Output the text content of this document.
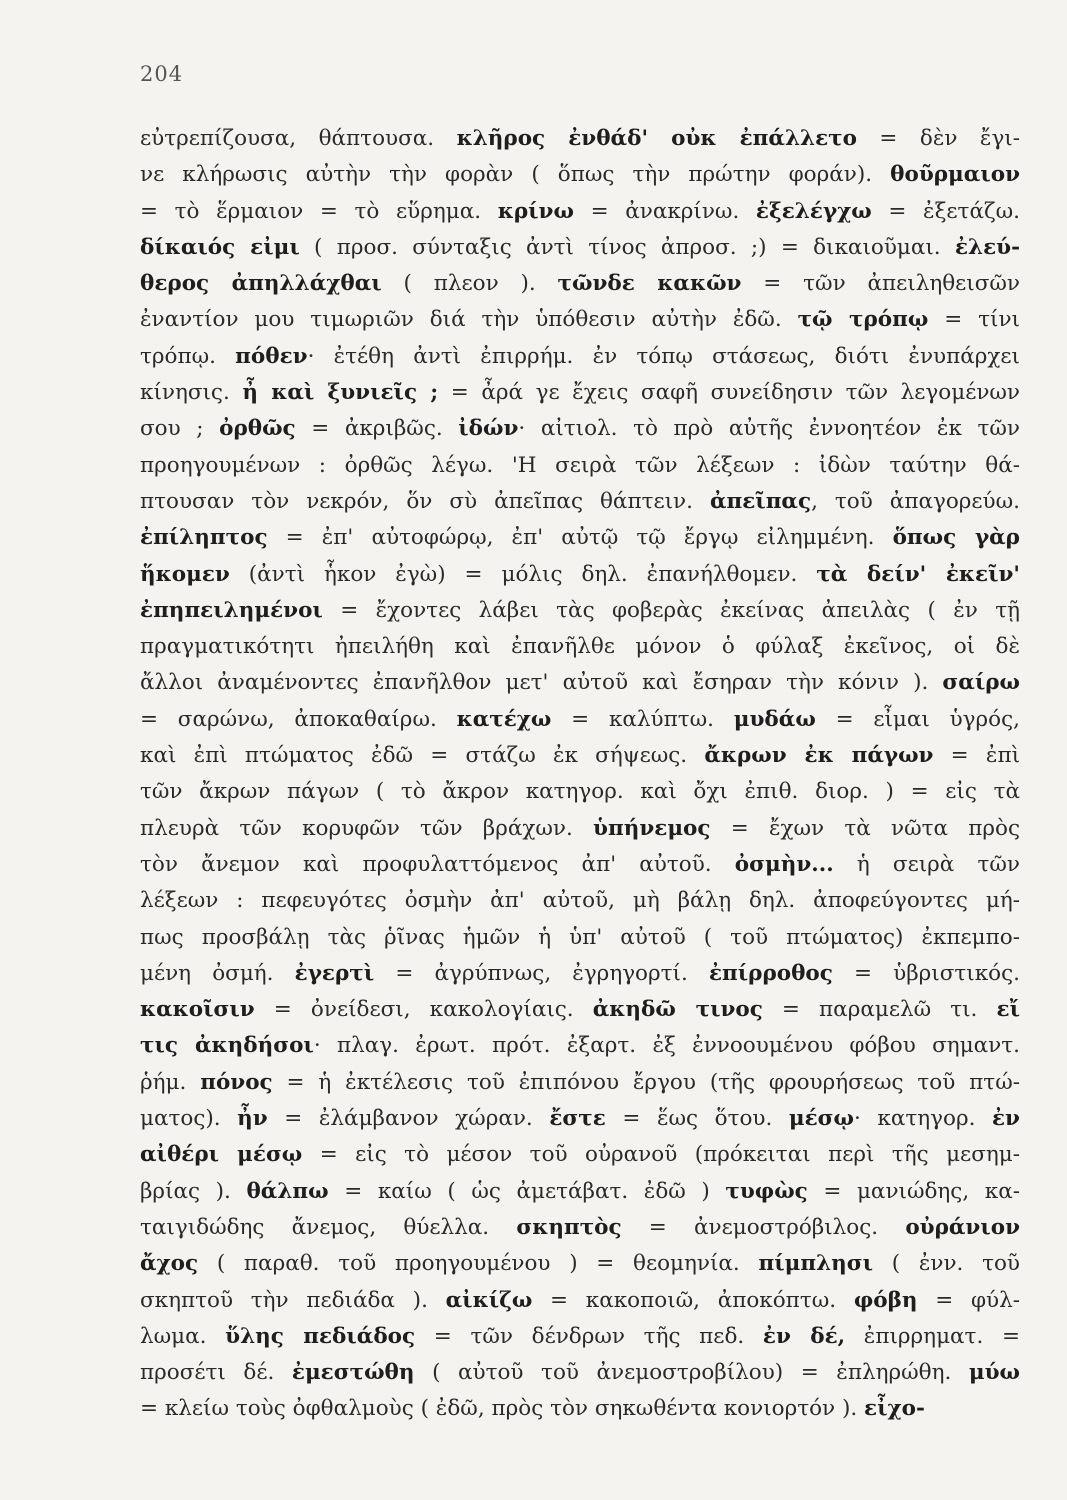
204
εὐτρεπίζουσα, θάπτουσα. κλῆρος ἐνθάδ' οὐκ ἐπάλλετο = δὲν ἔγι-
νε κλήρωσις αὐτὴν τὴν φορὰν ( ὅπως τὴν πρώτην φοράν). θοῦρμαιον
= τὸ ἕρμαιον = τὸ εὕρημα. κρίνω = ἀνακρίνω. ἐξελέγχω = ἐξετάζω.
δίκαιός εἰμι ( προσ. σύνταξις ἀντὶ τίνος ἀπροσ. ;) = δικαιοῦμαι. ἐλεύ-
θερος ἀπηλλάχθαι ( πλεον ). τῶνδε κακῶν = τῶν ἀπειληθεισῶν
ἐναντίον μου τιμωριῶν διά τὴν ὑπόθεσιν αὐτὴν ἐδῶ. τῷ τρόπῳ = τίνι
τρόπῳ. πόθεν· ἐτέθη ἀντὶ ἐπιρρήμ. ἐν τόπῳ στάσεως, διότι ἐνυπάρχει
κίνησις. ἦ καὶ ξυνιεῖς ; = ἆρά γε ἔχεις σαφῆ συνείδησιν τῶν λεγομένων
σου ; ὀρθῶς = ἀκριβῶς. ἰδών· αἰτιολ. τὸ πρὸ αὐτῆς ἐννοητέον ἐκ τῶν
προηγουμένων : ὀρθῶς λέγω. 'Η σειρὰ τῶν λέξεων : ἰδὼν ταύτην θά-
πτουσαν τὸν νεκρόν, ὅν σὺ ἀπεῖπας θάπτειν. ἀπεῖπας, τοῦ ἀπαγορεύω.
ἐπίληπτος = ἐπ' αὐτοφώρῳ, ἐπ' αὐτῷ τῷ ἔργῳ εἰλημμένη. ὅπως γὰρ
ἥκομεν (ἀντὶ ἧκον ἐγὼ) = μόλις δηλ. ἐπανήλθομεν. τὰ δείν' ἐκεῖν'
ἐπηπειλημένοι = ἔχοντες λάβει τὰς φοβερὰς ἐκείνας ἀπειλὰς ( ἐν τῇ
πραγματικότητι ἠπειλήθη καὶ ἐπανῆλθε μόνον ὁ φύλαξ ἐκεῖνος, οἱ δὲ
ἄλλοι ἀναμένοντες ἐπανῆλθον μετ' αὐτοῦ καὶ ἔσηραν τὴν κόνιν ). σαίρω
= σαρώνω, ἀποκαθαίρω. κατέχω = καλύπτω. μυδάω = εἶμαι ὑγρός,
καὶ ἐπὶ πτώματος ἐδῶ = στάζω ἐκ σήψεως. ἄκρων ἐκ πάγων = ἐπὶ
τῶν ἄκρων πάγων ( τὸ ἄκρον κατηγορ. καὶ ὄχι ἐπιθ. διορ. ) = εἰς τὰ
πλευρὰ τῶν κορυφῶν τῶν βράχων. ὑπήνεμος = ἔχων τὰ νῶτα πρὸς
τὸν ἄνεμον καὶ προφυλαττόμενος ἀπ' αὐτοῦ. ὀσμὴν... ἡ σειρὰ τῶν
λέξεων : πεφευγότες ὀσμὴν ἀπ' αὐτοῦ, μὴ βάλῃ δηλ. ἀποφεύγοντες μή-
πως προσβάλῃ τὰς ῥῖνας ἡμῶν ἡ ὑπ' αὐτοῦ ( τοῦ πτώματος) ἐκπεμπο-
μένη ὀσμή. ἐγερτὶ = ἀγρύπνως, ἐγρηγορτί. ἐπίρροθος = ὑβριστικός.
κακοῖσιν = ὀνείδεσι, κακολογίαις. ἀκηδῶ τινος = παραμελῶ τι. εἴ
τις ἀκηδήσοι· πλαγ. ἐρωτ. πρότ. ἐξαρτ. ἐξ ἐννοουμένου φόβου σημαντ.
ῥήμ. πόνος = ἡ ἐκτέλεσις τοῦ ἐπιπόνου ἔργου (τῆς φρουρήσεως τοῦ πτώ-
ματος). ἦν = ἐλάμβανον χώραν. ἔστε = ἕως ὅτου. μέσῳ· κατηγορ. ἐν
αἰθέρι μέσῳ = εἰς τὸ μέσον τοῦ οὐρανοῦ (πρόκειται περὶ τῆς μεσημ-
βρίας ). θάλπω = καίω ( ὡς ἀμετάβατ. ἐδῶ ) τυφὼς = μανιώδης, κα-
ταιγιδώδης ἄνεμος, θύελλα. σκηπτὸς = ἀνεμοστρόβιλος. οὐράνιον
ἄχος ( παραθ. τοῦ προηγουμένου ) = θεομηνία. πίμπλησι ( ἐνν. τοῦ
σκηπτοῦ τὴν πεδιάδα ). αἰκίζω = κακοποιῶ, ἀποκόπτω. φόβη = φύλ-
λωμα. ὕλης πεδιάδος = τῶν δένδρων τῆς πεδ. ἐν δέ, ἐπιρρηματ. =
προσέτι δέ. ἐμεστώθη ( αὐτοῦ τοῦ ἀνεμοστροβίλου) = ἐπληρώθη. μύω
= κλείω τοὺς ὀφθαλμοὺς ( ἐδῶ, πρὸς τὸν σηκωθέντα κονιορτόν ). εἶχο-
